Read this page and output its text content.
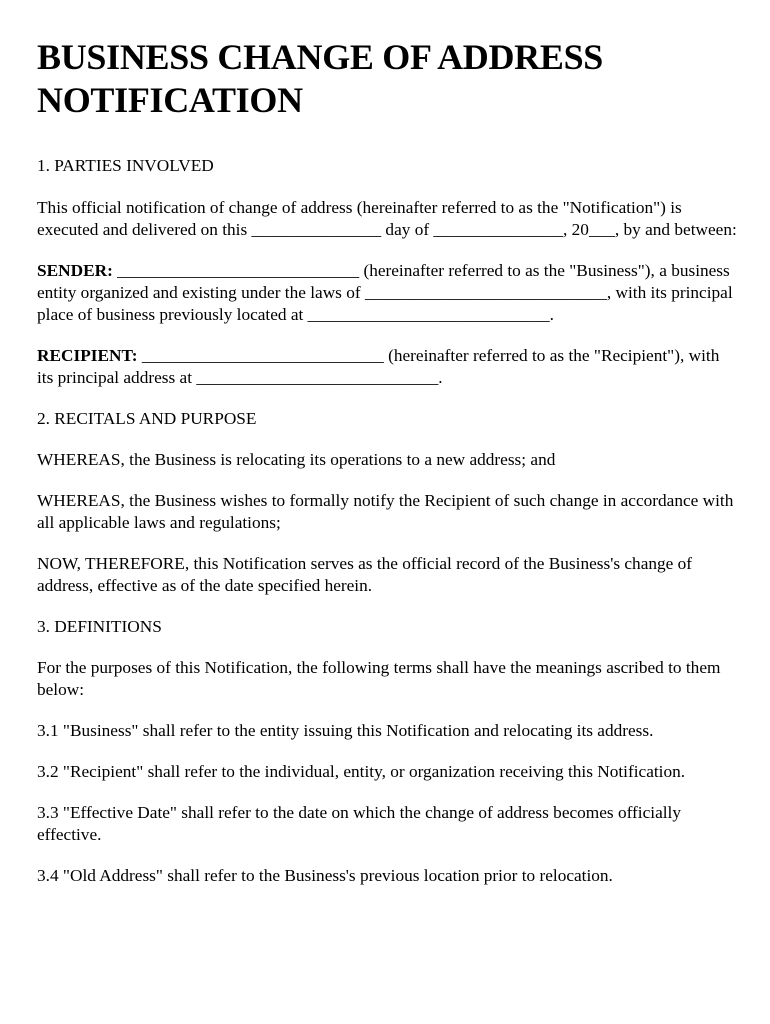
BUSINESS CHANGE OF ADDRESS NOTIFICATION

1. PARTIES INVOLVED

This official notification of change of address (hereinafter referred to as the "Notification") is executed and delivered on this _______________ day of _______________, 20___, by and between:

SENDER: ____________________________ (hereinafter referred to as the "Business"), a business entity organized and existing under the laws of ____________________________, with its principal place of business previously located at ____________________________.

RECIPIENT: ____________________________ (hereinafter referred to as the "Recipient"), with its principal address at ____________________________.

2. RECITALS AND PURPOSE

WHEREAS, the Business is relocating its operations to a new address; and

WHEREAS, the Business wishes to formally notify the Recipient of such change in accordance with all applicable laws and regulations;

NOW, THEREFORE, this Notification serves as the official record of the Business's change of address, effective as of the date specified herein.

3. DEFINITIONS

For the purposes of this Notification, the following terms shall have the meanings ascribed to them below:

3.1 "Business" shall refer to the entity issuing this Notification and relocating its address.

3.2 "Recipient" shall refer to the individual, entity, or organization receiving this Notification.

3.3 "Effective Date" shall refer to the date on which the change of address becomes officially effective.

3.4 "Old Address" shall refer to the Business's previous location prior to relocation.
